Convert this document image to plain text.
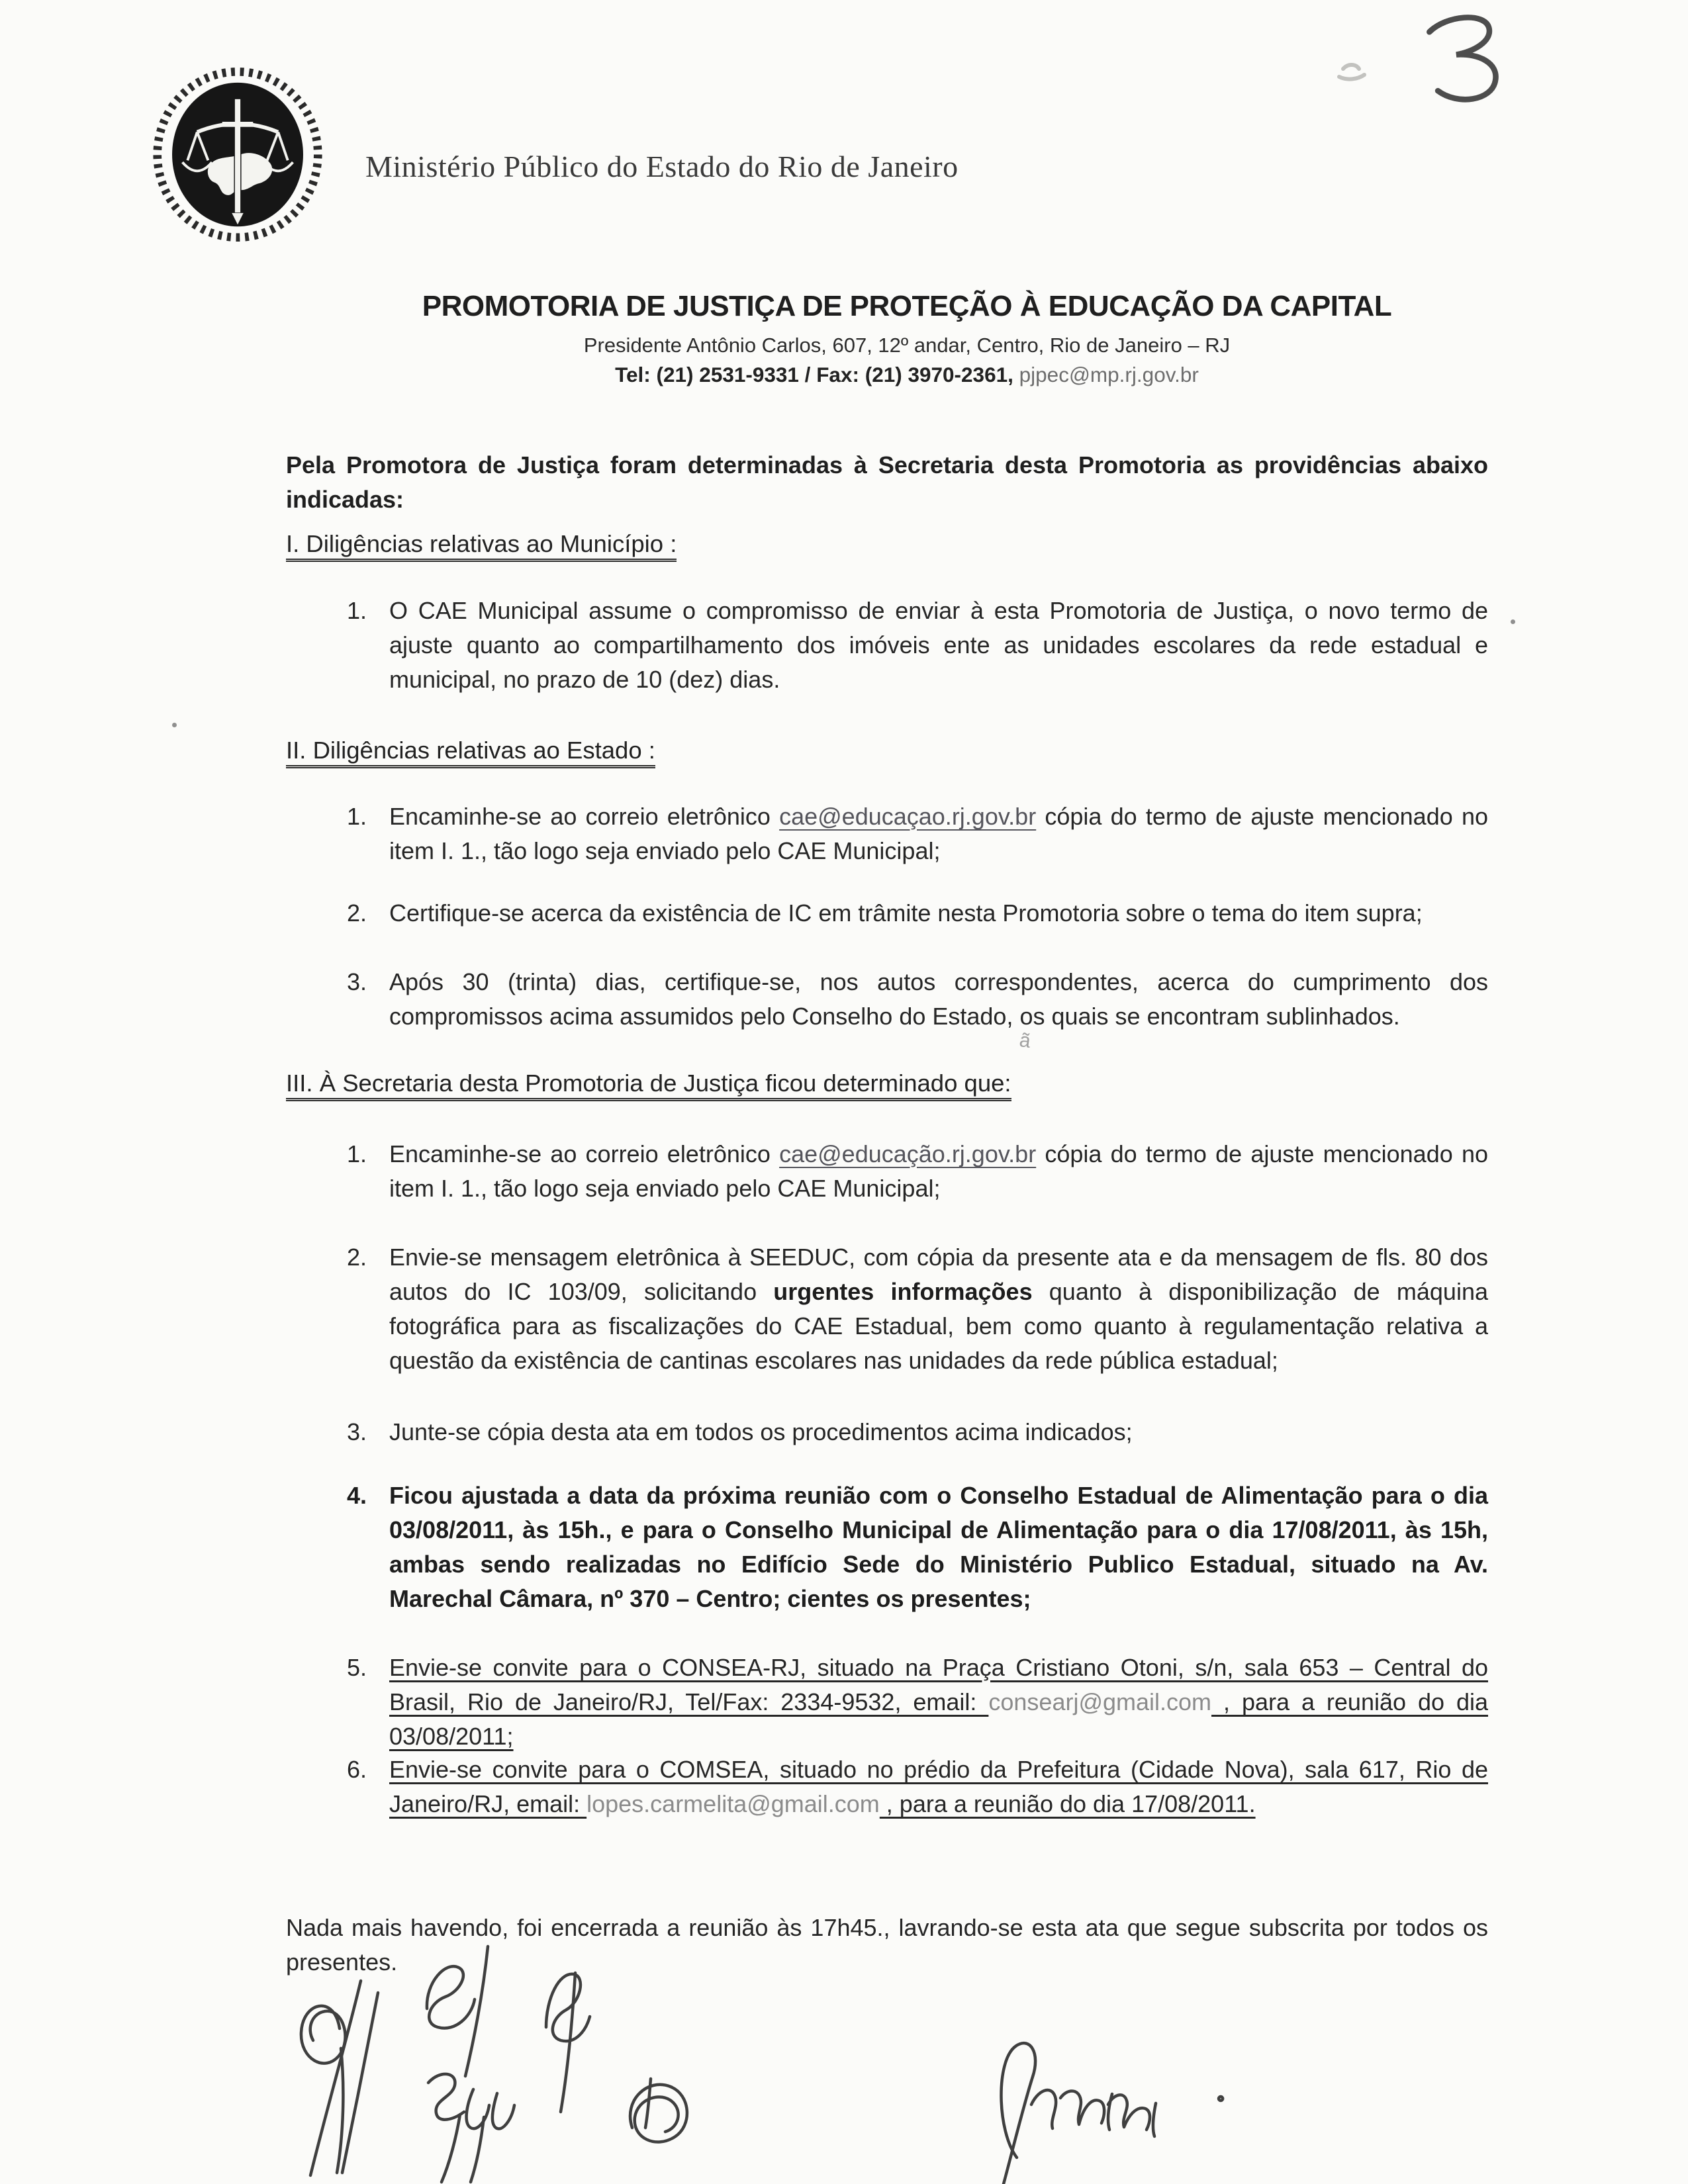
Ministério Público do Estado do Rio de Janeiro
PROMOTORIA DE JUSTIÇA DE PROTEÇÃO À EDUCAÇÃO DA CAPITAL
Presidente Antônio Carlos, 607, 12º andar, Centro, Rio de Janeiro – RJ
Tel: (21) 2531-9331 / Fax: (21) 3970-2361, pjpec@mp.rj.gov.br

Pela Promotora de Justiça foram determinadas à Secretaria desta Promotoria as providências abaixo indicadas:

I. Diligências relativas ao Município :
1. O CAE Municipal assume o compromisso de enviar à esta Promotoria de Justiça, o novo termo de ajuste quanto ao compartilhamento dos imóveis ente as unidades escolares da rede estadual e municipal, no prazo de 10 (dez) dias.
II. Diligências relativas ao Estado :
1. Encaminhe-se ao correio eletrônico cae@educaçao.rj.gov.br cópia do termo de ajuste mencionado no item I. 1., tão logo seja enviado pelo CAE Municipal;
2. Certifique-se acerca da existência de IC em trâmite nesta Promotoria sobre o tema do item supra;
3. Após 30 (trinta) dias, certifique-se, nos autos correspondentes, acerca do cumprimento dos compromissos acima assumidos pelo Conselho do Estado, os quais se encontram sublinhados.
III. À Secretaria desta Promotoria de Justiça ficou determinado que:
ã
1. Encaminhe-se ao correio eletrônico cae@educação.rj.gov.br cópia do termo de ajuste mencionado no item I. 1., tão logo seja enviado pelo CAE Municipal;
2. Envie-se mensagem eletrônica à SEEDUC, com cópia da presente ata e da mensagem de fls. 80 dos autos do IC 103/09, solicitando urgentes informações quanto à disponibilização de máquina fotográfica para as fiscalizações do CAE Estadual, bem como quanto à regulamentação relativa a questão da existência de cantinas escolares nas unidades da rede pública estadual;
3. Junte-se cópia desta ata em todos os procedimentos acima indicados;
4. Ficou ajustada a data da próxima reunião com o Conselho Estadual de Alimentação para o dia 03/08/2011, às 15h., e para o Conselho Municipal de Alimentação para o dia 17/08/2011, às 15h, ambas sendo realizadas no Edifício Sede do Ministério Publico Estadual, situado na Av. Marechal Câmara, nº 370 – Centro; cientes os presentes;
5. Envie-se convite para o CONSEA-RJ, situado na Praça Cristiano Otoni, s/n, sala 653 – Central do Brasil, Rio de Janeiro/RJ, Tel/Fax: 2334-9532, email: consearj@gmail.com , para a reunião do dia 03/08/2011;
6. Envie-se convite para o COMSEA, situado no prédio da Prefeitura (Cidade Nova), sala 617, Rio de Janeiro/RJ, email: lopes.carmelita@gmail.com , para a reunião do dia 17/08/2011.

Nada mais havendo, foi encerrada a reunião às 17h45., lavrando-se esta ata que segue subscrita por todos os presentes.
